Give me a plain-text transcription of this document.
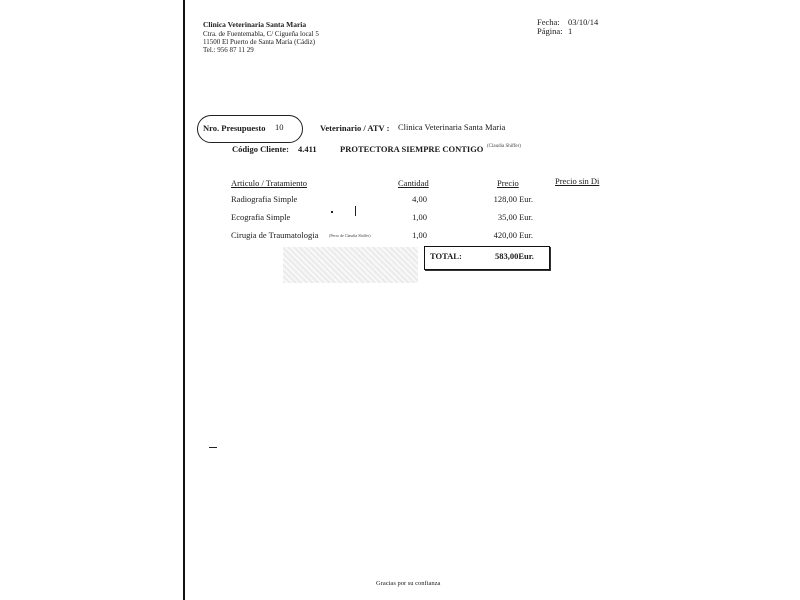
Clinica Veterinaria Santa Maria
Ctra. de Fuentemabla, C/ Cigueña local 5
11500 El Puerto de Santa María (Cádiz)
Tel.: 956 87 11 29
Fecha: 03/10/14
Página: 1
Nro. Presupuesto 10	Veterinario / ATV : Clinica Veterinaria Santa Maria
Código Cliente: 4.411	PROTECTORA SIEMPRE CONTIGO (Claudia Shiffer)
Articulo / Tratamiento	Cantidad	Precio	Precio sin Di
Radiografia Simple	4,00	128,00 Eur.
Ecografia Simple	1,00	35,00 Eur.
Cirugia de Traumatologia	(Perro de Claudia Shiffer)	1,00	420,00 Eur.
TOTAL:	583,00Eur.
Gracias por su confianza
